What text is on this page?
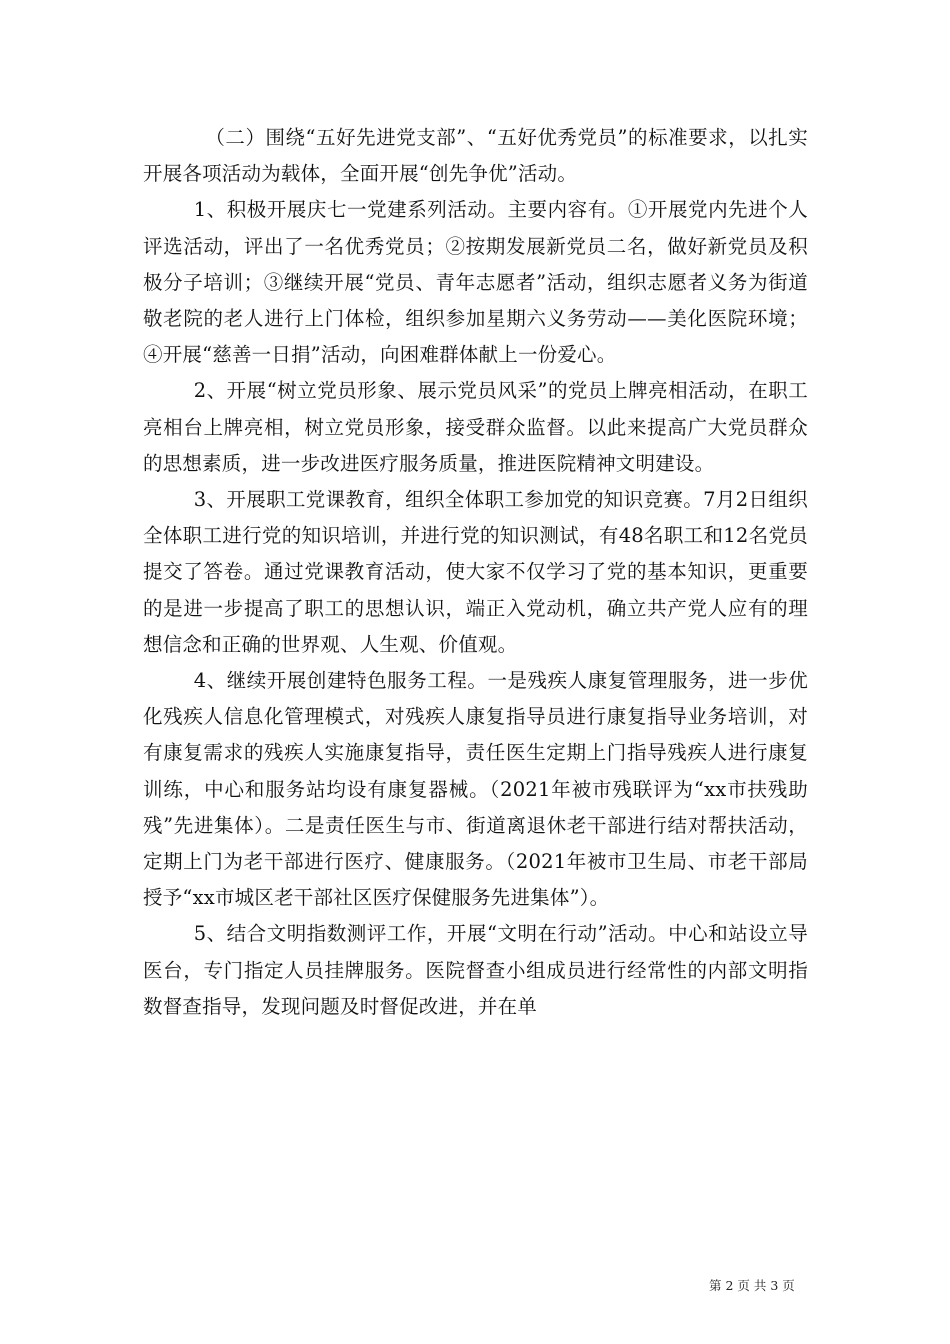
（二）围绕“五好先进党支部”、“五好优秀党员”的标准要求，以扎实开展各项活动为载体，全面开展“创先争优”活动。

1、积极开展庆七一党建系列活动。主要内容有。①开展党内先进个人评选活动，评出了一名优秀党员；②按期发展新党员二名，做好新党员及积极分子培训；③继续开展“党员、青年志愿者”活动，组织志愿者义务为街道敬老院的老人进行上门体检，组织参加星期六义务劳动——美化医院环境；④开展“慈善一日捐”活动，向困难群体献上一份爱心。

2、开展“树立党员形象、展示党员风采”的党员上牌亮相活动，在职工亮相台上牌亮相，树立党员形象，接受群众监督。以此来提高广大党员群众的思想素质，进一步改进医疗服务质量，推进医院精神文明建设。

3、开展职工党课教育，组织全体职工参加党的知识竞赛。7月2日组织全体职工进行党的知识培训，并进行党的知识测试，有48名职工和12名党员提交了答卷。通过党课教育活动，使大家不仅学习了党的基本知识，更重要的是进一步提高了职工的思想认识，端正入党动机，确立共产党人应有的理想信念和正确的世界观、人生观、价值观。

4、继续开展创建特色服务工程。一是残疾人康复管理服务，进一步优化残疾人信息化管理模式，对残疾人康复指导员进行康复指导业务培训，对有康复需求的残疾人实施康复指导，责任医生定期上门指导残疾人进行康复训练，中心和服务站均设有康复器械。（2021年被市残联评为“xx市扶残助残”先进集体）。二是责任医生与市、街道离退休老干部进行结对帮扶活动，定期上门为老干部进行医疗、健康服务。（2021年被市卫生局、市老干部局授予“xx市城区老干部社区医疗保健服务先进集体”）。

5、结合文明指数测评工作，开展“文明在行动”活动。中心和站设立导医台，专门指定人员挂牌服务。医院督查小组成员进行经常性的内部文明指数督查指导，发现问题及时督促改进，并在单

第 2 页 共 3 页
